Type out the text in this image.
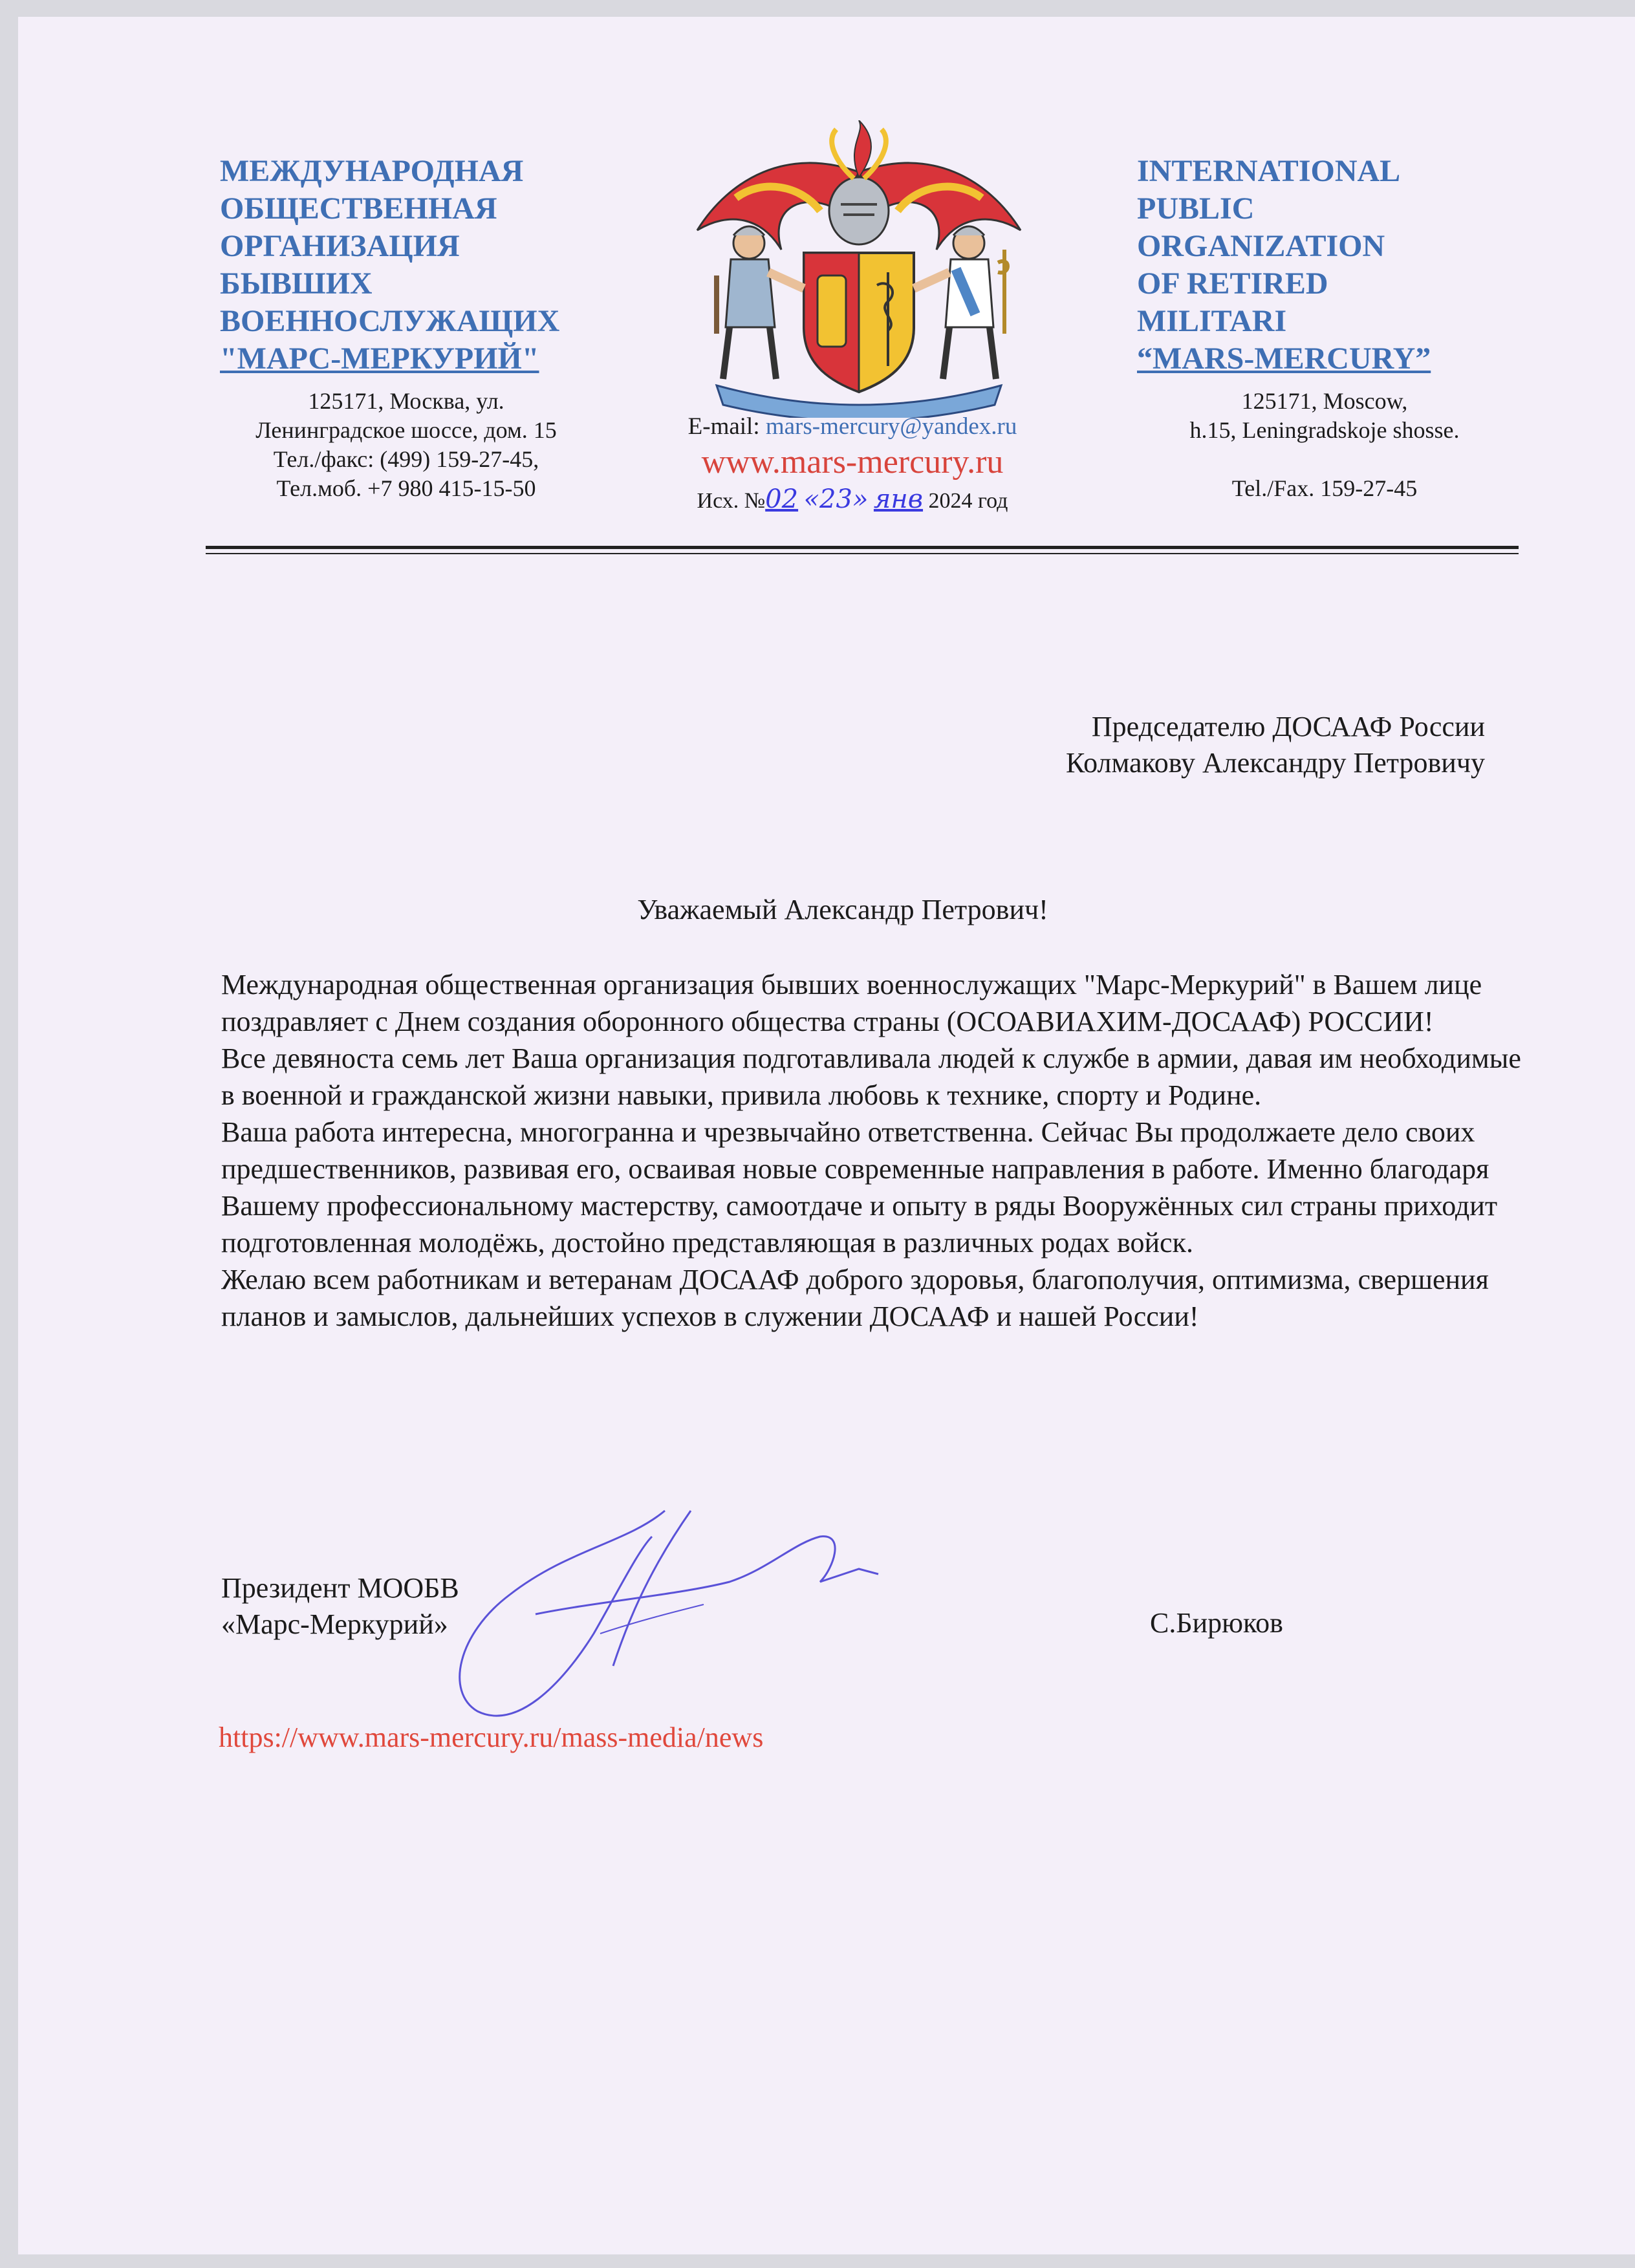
МЕЖДУНАРОДНАЯ
ОБЩЕСТВЕННАЯ
ОРГАНИЗАЦИЯ
БЫВШИХ
ВОЕННОСЛУЖАЩИХ
"МАРС-МЕРКУРИЙ"
125171, Москва, ул.
Ленинградское шоссе, дом. 15
Тел./факс: (499) 159-27-45,
Тел.моб. +7 980 415-15-50
E-mail: mars-mercury@yandex.ru
www.mars-mercury.ru
Исх. №02 «23» янв 2024 год
INTERNATIONAL
PUBLIC
ORGANIZATION
OF RETIRED
MILITARI
“MARS-MERCURY”
125171, Moscow,
h.15, Leningradskoje shosse.

Tel./Fax. 159-27-45
Председателю ДОСААФ России
Колмакову Александру Петровичу
Уважаемый Александр Петрович!
Международная общественная организация бывших военнослужащих "Марс-Меркурий" в Вашем лице поздравляет с Днем создания оборонного общества страны (ОСОАВИАХИМ-ДОСААФ) РОССИИ!
Все девяноста семь лет Ваша организация подготавливала людей к службе в армии, давая им необходимые в военной и гражданской жизни навыки, привила любовь к технике, спорту и Родине.
Ваша работа интересна, многогранна и чрезвычайно ответственна. Сейчас Вы продолжаете дело своих предшественников, развивая его, осваивая новые современные направления в работе. Именно благодаря Вашему профессиональному мастерству, самоотдаче и опыту в ряды Вооружённых сил страны приходит подготовленная молодёжь, достойно представляющая в различных родах войск.
Желаю всем работникам и ветеранам ДОСААФ доброго здоровья, благополучия, оптимизма, свершения планов и замыслов, дальнейших успехов в служении ДОСААФ и нашей России!
Президент МООБВ
«Марс-Меркурий»	С.Бирюков
https://www.mars-mercury.ru/mass-media/news
